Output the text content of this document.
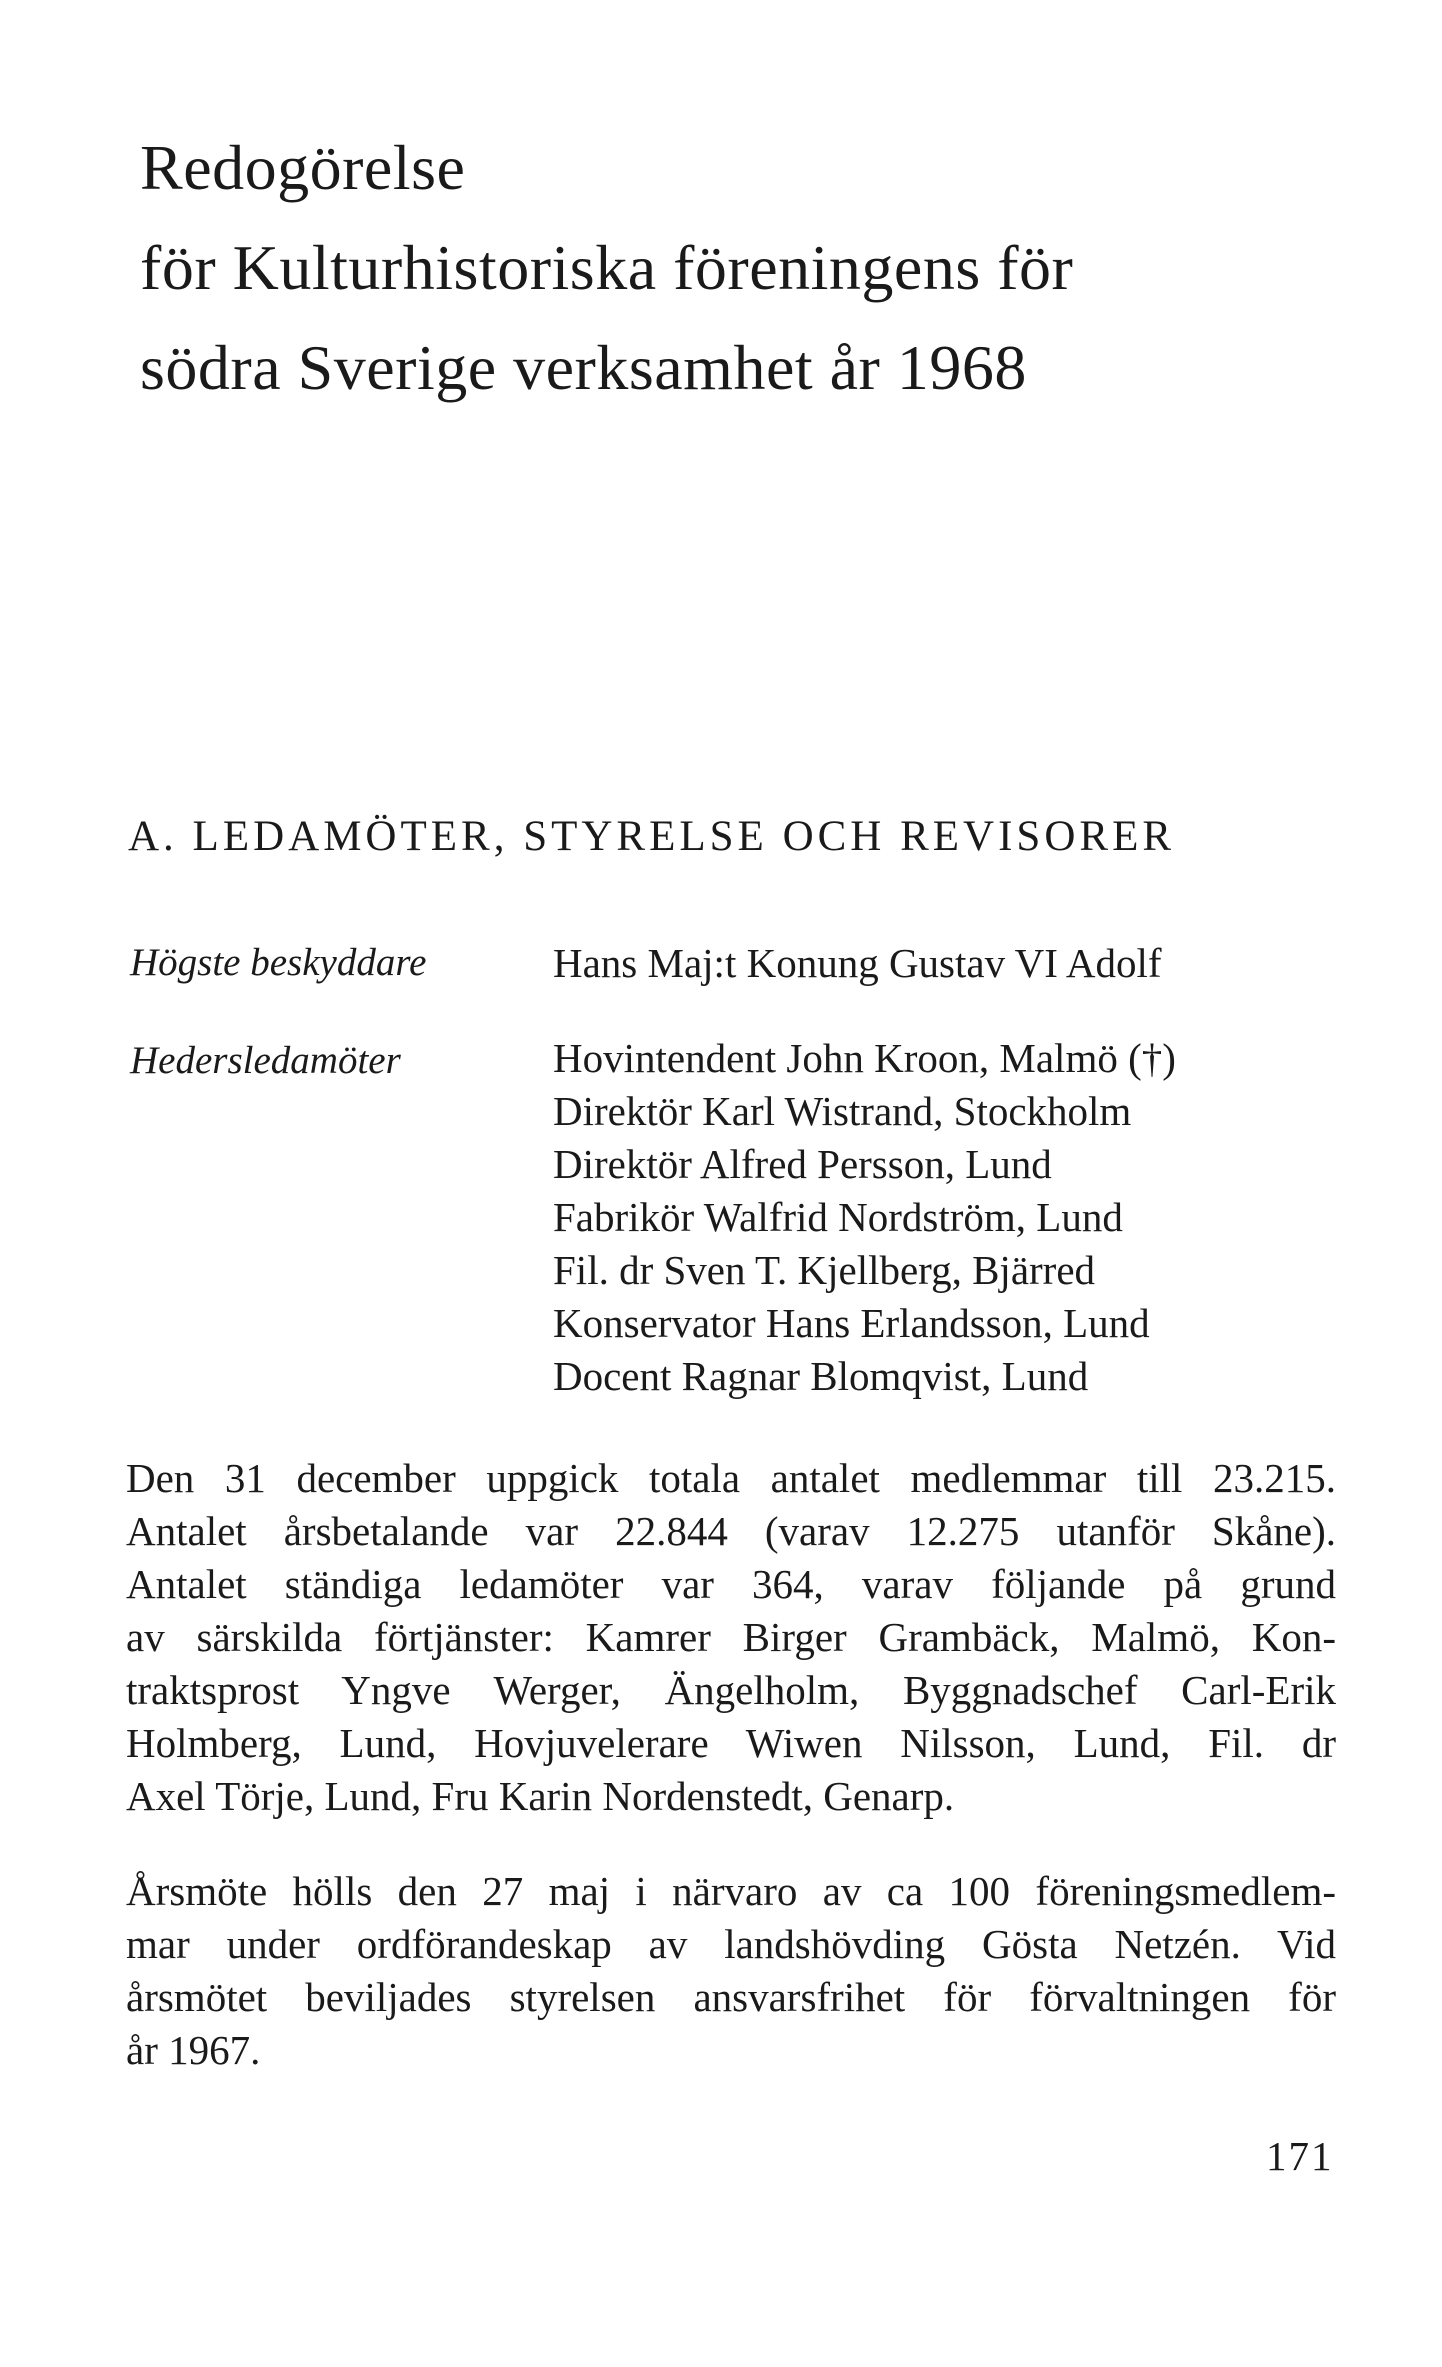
Redogörelse
för Kulturhistoriska föreningens för
södra Sverige verksamhet år 1968
A. LEDAMÖTER, STYRELSE OCH REVISORER
Högste beskyddare	Hans Maj:t Konung Gustav VI Adolf
Hedersledamöter	Hovintendent John Kroon, Malmö (†)
Direktör Karl Wistrand, Stockholm
Direktör Alfred Persson, Lund
Fabrikör Walfrid Nordström, Lund
Fil. dr Sven T. Kjellberg, Bjärred
Konservator Hans Erlandsson, Lund
Docent Ragnar Blomqvist, Lund

Den 31 december uppgick totala antalet medlemmar till 23.215.
Antalet årsbetalande var 22.844 (varav 12.275 utanför Skåne).
Antalet ständiga ledamöter var 364, varav följande på grund
av särskilda förtjänster: Kamrer Birger Grambäck, Malmö, Kon-
traktsprost Yngve Werger, Ängelholm, Byggnadschef Carl-Erik
Holmberg, Lund, Hovjuvelerare Wiwen Nilsson, Lund, Fil. dr
Axel Törje, Lund, Fru Karin Nordenstedt, Genarp.

Årsmöte hölls den 27 maj i närvaro av ca 100 föreningsmedlem-
mar under ordförandeskap av landshövding Gösta Netzén. Vid
årsmötet beviljades styrelsen ansvarsfrihet för förvaltningen för
år 1967.

171
